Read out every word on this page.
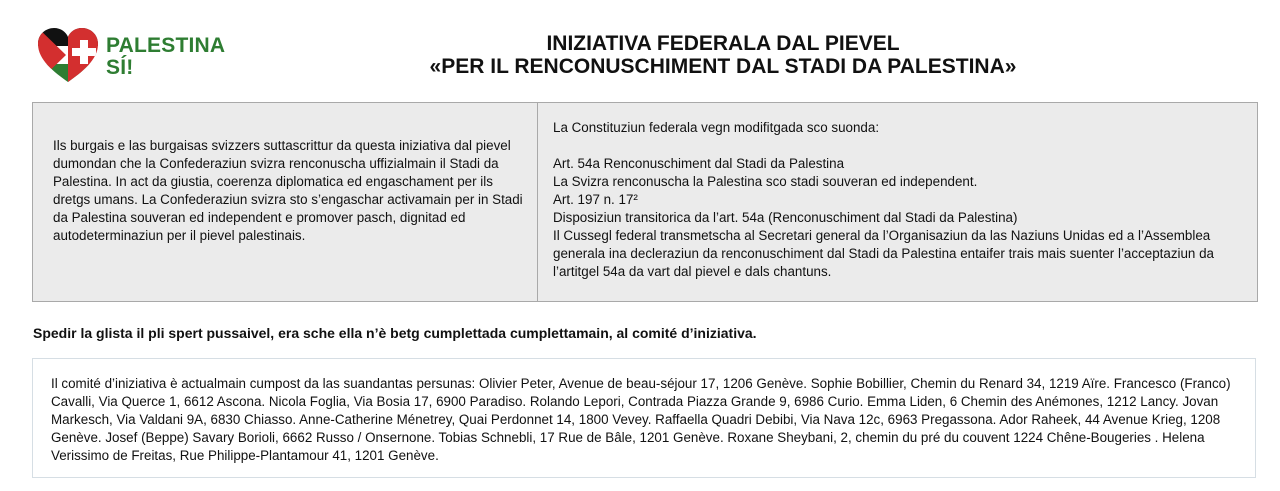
PALESTINA
SÍ!
INIZIATIVA FEDERALA DAL PIEVEL
«PER IL RENCONUSCHIMENT DAL STADI DA PALESTINA»
Ils burgais e las burgaisas svizzers suttascrittur da questa iniziativa dal pievel dumondan che la Confederaziun svizra renconuscha uffizialmain il Stadi da Palestina. In act da giustia, coerenza diplomatica ed engaschament per ils dretgs umans. La Confederaziun svizra sto s’engaschar activamain per in Stadi da Palestina souveran ed independent e promover pasch, dignitad ed autodeterminaziun per il pievel palestinais.
La Constituziun federala vegn modifitgada sco suonda:
Art. 54a Renconuschiment dal Stadi da Palestina
La Svizra renconuscha la Palestina sco stadi souveran ed independent.
Art. 197 n. 17²
Disposiziun transitorica da l’art. 54a (Renconuschiment dal Stadi da Palestina)
Il Cussegl federal transmetscha al Secretari general da l’Organisaziun da las Naziuns Unidas ed a l’Assemblea generala ina decleraziun da renconuschiment dal Stadi da Palestina entaifer trais mais suenter l’acceptaziun da l’artitgel 54a da vart dal pievel e dals chantuns.
Spedir la glista il pli spert pussaivel, era sche ella n’è betg cumplettada cumplettamain, al comité d’iniziativa.
Il comité d’iniziativa è actualmain cumpost da las suandantas persunas: Olivier Peter, Avenue de beau-séjour 17, 1206 Genève. Sophie Bobillier, Chemin du Renard 34, 1219 Aïre. Francesco (Franco) Cavalli, Via Querce 1, 6612 Ascona. Nicola Foglia, Via Bosia 17, 6900 Paradiso. Rolando Lepori, Contrada Piazza Grande 9, 6986 Curio. Emma Liden, 6 Chemin des Anémones, 1212 Lancy. Jovan Markesch, Via Valdani 9A, 6830 Chiasso. Anne-Catherine Ménetrey, Quai Perdonnet 14, 1800 Vevey. Raffaella Quadri Debibi, Via Nava 12c, 6963 Pregassona. Ador Raheek, 44 Avenue Krieg, 1208 Genève. Josef (Beppe) Savary Borioli, 6662 Russo / Onsernone. Tobias Schnebli, 17 Rue de Bâle, 1201 Genève. Roxane Sheybani, 2, chemin du pré du couvent 1224 Chêne-Bougeries . Helena Verissimo de Freitas, Rue Philippe-Plantamour 41, 1201 Genève.
